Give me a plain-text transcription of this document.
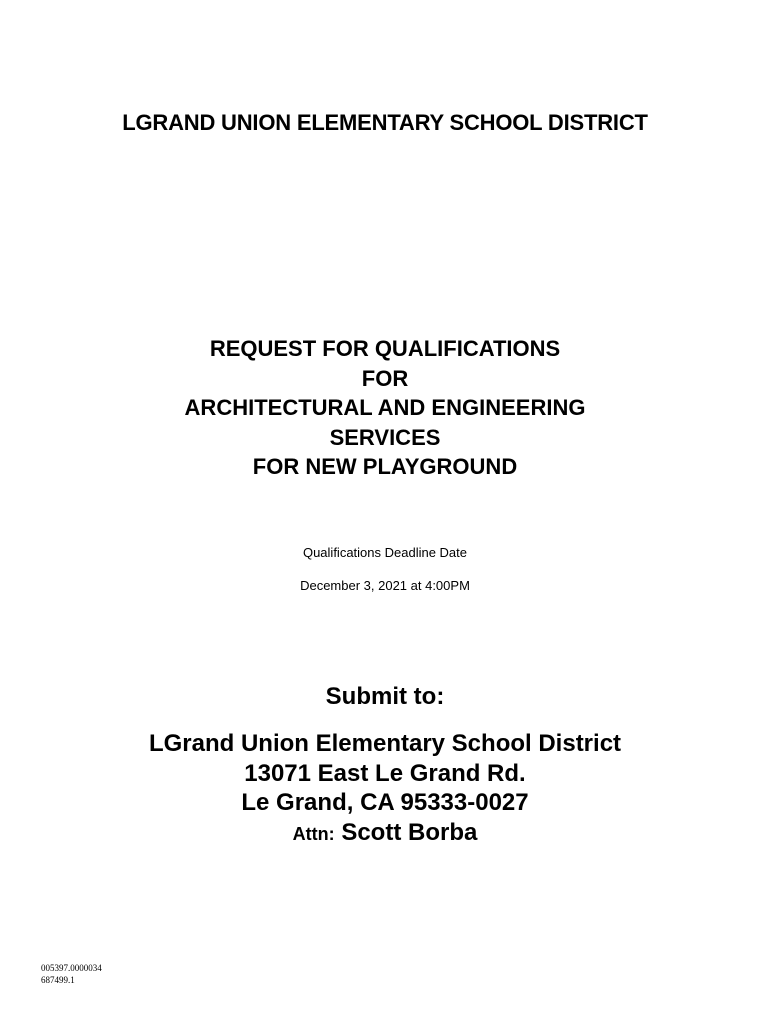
LGRAND UNION ELEMENTARY SCHOOL DISTRICT
REQUEST FOR QUALIFICATIONS
FOR
ARCHITECTURAL AND ENGINEERING
SERVICES
FOR NEW PLAYGROUND
Qualifications Deadline Date
December 3, 2021 at 4:00PM
Submit to:
LGrand Union Elementary School District
13071 East Le Grand Rd.
Le Grand, CA 95333-0027
Attn: Scott Borba
005397.0000034
687499.1
